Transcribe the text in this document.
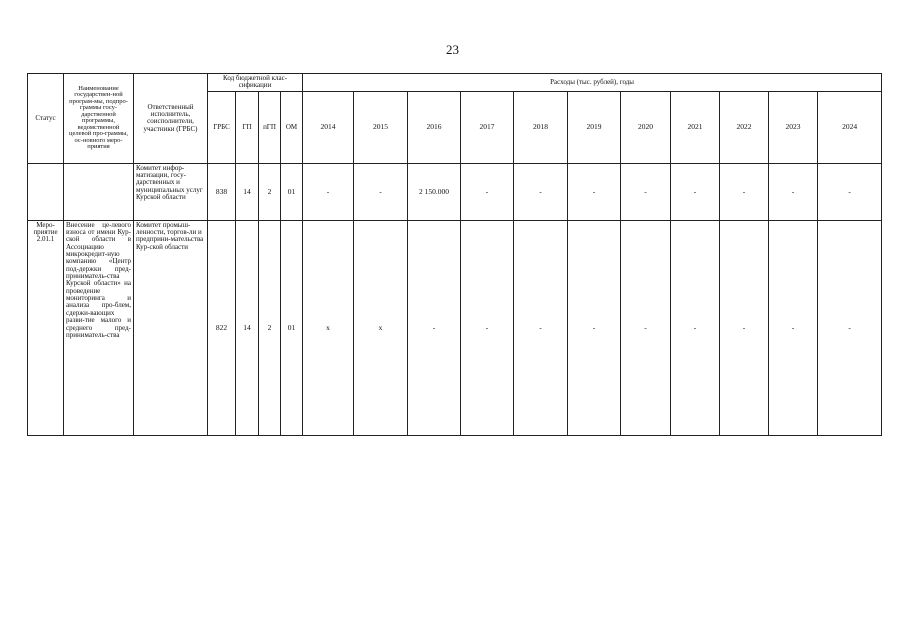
23
Статус	Наименование государствен-ной програм-мы, подпро-граммы госу-дарственной программы, ведомственной целевой про-граммы, ос-новного меро-приятия	Ответственный исполнитель, соисполнители, участники (ГРБС)	Код бюджетной клас-сификации				Расходы (тыс. рублей), годы										
			ГРБС	ГП	пГП	ОМ	2014	2015	2016	2017	2018	2019	2020	2021	2022	2023	2024
		Комитет инфор-матизации, госу-дарственных и муниципальных услуг Курской области	838	14	2	01	-	-	2 150.000	-	-	-	-	-	-	-	-
Меро-приятие 2.01.1	Внесение це-левого взноса от имени Кур-ской области в Ассоциацию микрокредит-ную компанию «Центр под-держки пред-приниматель-ства Курской области» на проведение мониторинга и анализа про-блем, сдержи-вающих разви-тие малого и среднего пред-приниматель-ства	Комитет промыш-ленности, торгов-ли и предприни-мательства Кур-ской области	822	14	2	01	x	x	-	-	-	-	-	-	-	-	-
